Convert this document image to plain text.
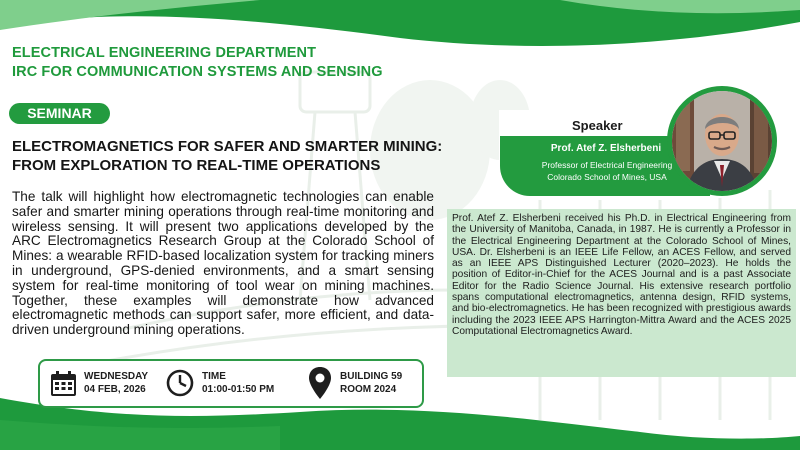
ELECTRICAL ENGINEERING DEPARTMENT
IRC FOR COMMUNICATION SYSTEMS AND SENSING
SEMINAR
ELECTROMAGNETICS FOR SAFER AND SMARTER MINING:
FROM EXPLORATION TO REAL-TIME OPERATIONS
The talk will highlight how electromagnetic technologies can enable safer and smarter mining operations through real-time monitoring and wireless sensing. It will present two applications developed by the ARC Electromagnetics Research Group at the Colorado School of Mines: a wearable RFID-based localization system for tracking miners in underground, GPS-denied environments, and a smart sensing system for real-time monitoring of tool wear on mining machines. Together, these examples will demonstrate how advanced electromagnetic methods can support safer, more efficient, and data-driven underground mining operations.
Speaker
Prof. Atef Z. Elsherbeni
Professor of Electrical Engineering
Colorado School of Mines, USA
Prof. Atef Z. Elsherbeni received his Ph.D. in Electrical Engineering from the University of Manitoba, Canada, in 1987. He is currently a Professor in the Electrical Engineering Department at the Colorado School of Mines, USA. Dr. Elsherbeni is an IEEE Life Fellow, an ACES Fellow, and served as an IEEE APS Distinguished Lecturer (2020–2023). He holds the position of Editor-in-Chief for the ACES Journal and is a past Associate Editor for the Radio Science Journal. His extensive research portfolio spans computational electromagnetics, antenna design, RFID systems, and bio-electromagnetics. He has been recognized with prestigious awards including the 2023 IEEE APS Harrington-Mittra Award and the ACES 2025 Computational Electromagnetics Award.
WEDNESDAY
04 FEB, 2026
TIME
01:00-01:50 PM
BUILDING 59
ROOM 2024
